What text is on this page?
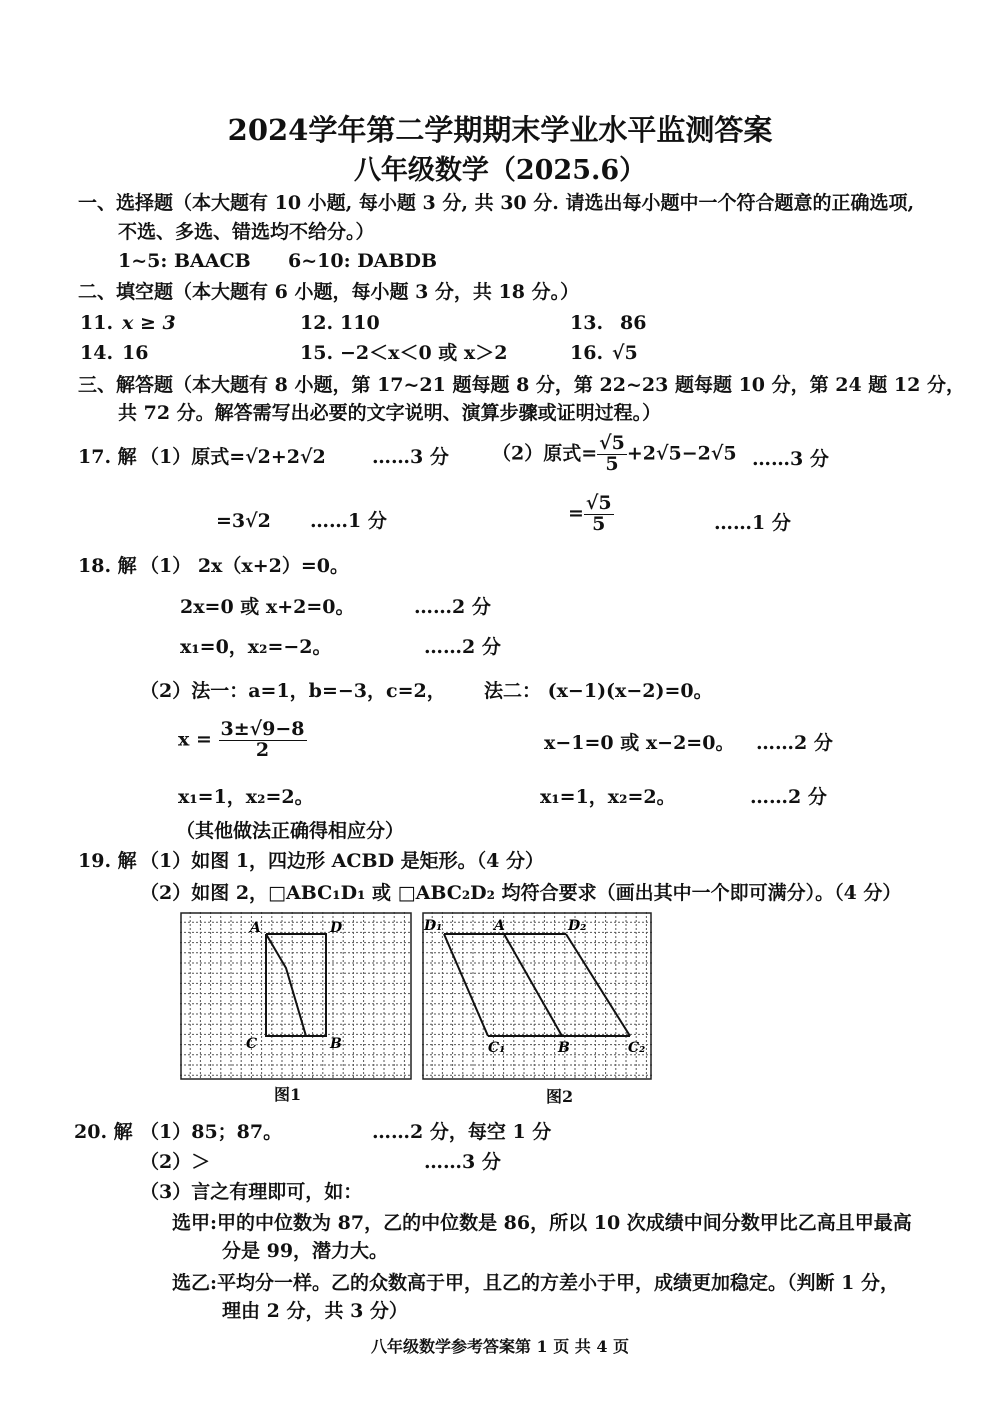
2024学年第二学期期末学业水平监测答案
八年级数学（2025.6）
一、选择题（本大题有 10 小题, 每小题 3 分, 共 30 分. 请选出每小题中一个符合题意的正确选项,
不选、多选、错选均不给分。）
1~5: BAACB 6~10: DABDB
二、填空题（本大题有 6 小题，每小题 3 分，共 18 分。）
11. x ≥ 3	12. 110	13. 86
14. 16	15. −2＜x＜0 或 x＞2	16. √5
三、解答题（本大题有 8 小题，第 17~21 题每题 8 分，第 22~23 题每题 10 分，第 24 题 12 分，
共 72 分。解答需写出必要的文字说明、演算步骤或证明过程。）
17. 解 （1）原式=√2+2√2 ……3 分 （2）原式= $\frac{√5}{5} +2√5-2√5$ ……3 分
=3√2 ……1 分	= $\frac{√5}{5}$	……1 分
18. 解 （1） 2x（x+2）=0。
2x=0 或 x+2=0。	……2 分
x₁=0，x₂=−2。	……2 分
（2）法一：a=1，b=−3，c=2，
$x = \frac{3\pm√9-8}{2}$
x₁=1，x₂=2。
法二： (x−1)(x−2)=0。
x−1=0 或 x−2=0。 ……2 分
x₁=1，x₂=2。	……2 分
（其他做法正确得相应分）
19. 解 （1）如图 1，四边形 ACBD 是矩形。（4 分）
（2）如图 2，□ABC₁D₁ 或 □ABC₂D₂ 均符合要求（画出其中一个即可满分）。（4 分）
A	D
C	B
图1
D₁	A	D₂
C₁	B	C₂
图2
20. 解 （1）85；87。	……2 分，每空 1 分
（2）＞	……3 分
（3）言之有理即可，如：
选甲:甲的中位数为 87，乙的中位数是 86，所以 10 次成绩中间分数甲比乙高且甲最高
分是 99，潜力大。
选乙:平均分一样。乙的众数高于甲，且乙的方差小于甲，成绩更加稳定。（判断 1 分，
理由 2 分，共 3 分）
八年级数学参考答案第 1 页 共 4 页
